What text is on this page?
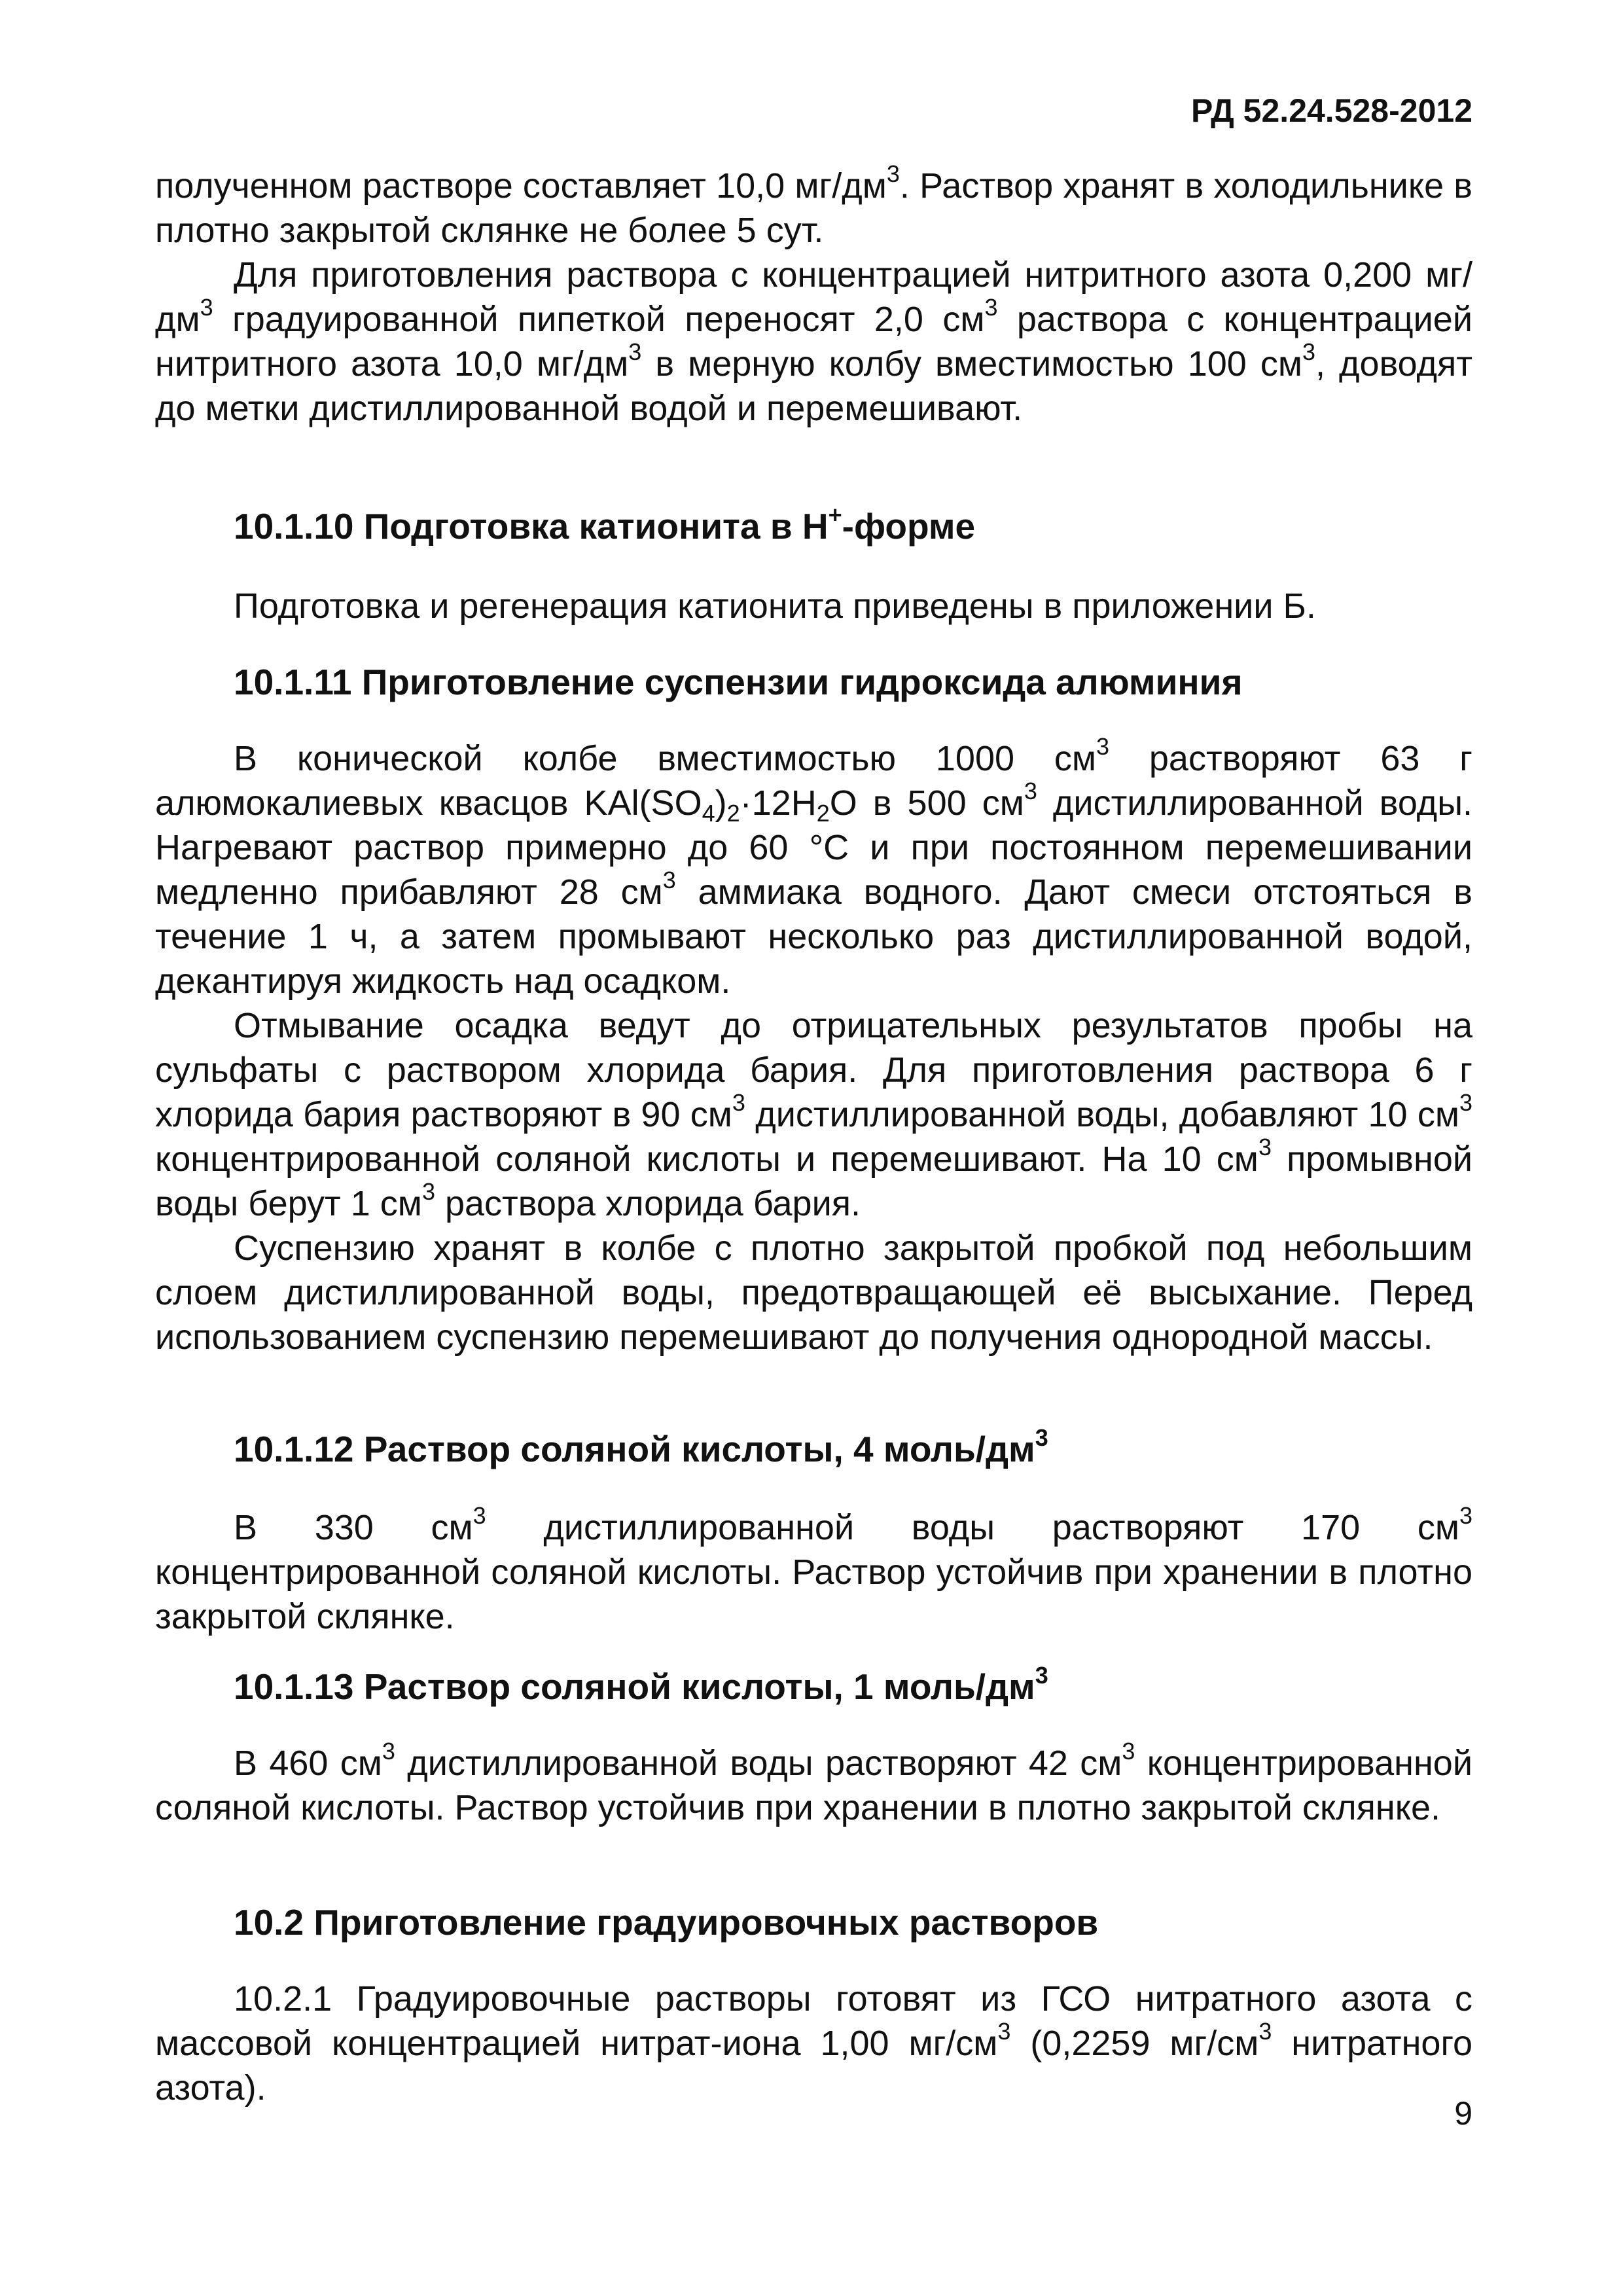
РД 52.24.528-2012

полученном растворе составляет 10,0 $мг/дм^3$. Раствор хранят в холодильнике в плотно закрытой склянке не более 5 сут.

Для приготовления раствора с концентрацией нитритного азота 0,200 $мг/дм^3$ градуированной пипеткой переносят 2,0 $см^3$ раствора с концентрацией нитритного азота 10,0 $мг/дм^3$ в мерную колбу вместимостью 100 $см^3$, доводят до метки дистиллированной водой и перемешивают.

10.1.10 Подготовка катионита в Н+-форме

Подготовка и регенерация катионита приведены в приложении Б.

10.1.11 Приготовление суспензии гидроксида алюминия

В конической колбе вместимостью 1000 $см^3$ растворяют 63 г алюмокалиевых квасцов $KAl(SO_4)_2\cdot 12H_2O$ в 500 $см^3$ дистиллированной воды. Нагревают раствор примерно до 60 °С и при постоянном перемешивании медленно прибавляют 28 $см^3$ аммиака водного. Дают смеси отстояться в течение 1 ч, а затем промывают несколько раз дистиллированной водой, декантируя жидкость над осадком.

Отмывание осадка ведут до отрицательных результатов пробы на сульфаты с раствором хлорида бария. Для приготовления раствора 6 г хлорида бария растворяют в 90 $см^3$ дистиллированной воды, добавляют 10 $см^3$ концентрированной соляной кислоты и перемешивают. На 10 $см^3$ промывной воды берут 1 $см^3$ раствора хлорида бария.

Суспензию хранят в колбе с плотно закрытой пробкой под небольшим слоем дистиллированной воды, предотвращающей её высыхание. Перед использованием суспензию перемешивают до получения однородной массы.

10.1.12 Раствор соляной кислоты, 4 моль/$дм^3$

В 330 $см^3$ дистиллированной воды растворяют 170 $см^3$ концентрированной соляной кислоты. Раствор устойчив при хранении в плотно закрытой склянке.

10.1.13 Раствор соляной кислоты, 1 моль/$дм^3$

В 460 $см^3$ дистиллированной воды растворяют 42 $см^3$ концентрированной соляной кислоты. Раствор устойчив при хранении в плотно закрытой склянке.

10.2 Приготовление градуировочных растворов

10.2.1 Градуировочные растворы готовят из ГСО нитратного азота с массовой концентрацией нитрат-иона 1,00 $мг/см^3$ (0,2259 $мг/см^3$ нитратного азота).

9
